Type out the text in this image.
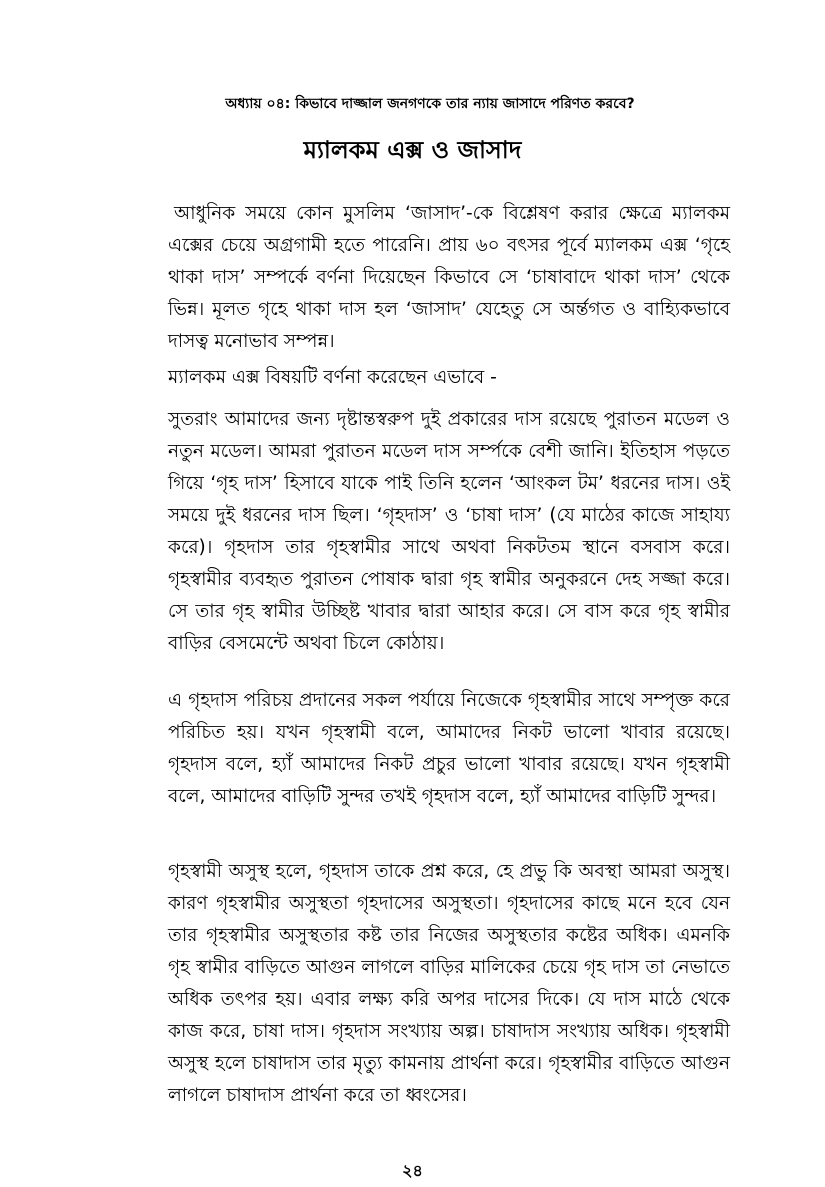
অধ্যায় ০৪: কিভাবে দাজ্জাল জনগণকে তার ন্যায় জাসাদে পরিণত করবে?
ম্যালকম এক্স ও জাসাদ

আধুনিক সময়ে কোন মুসলিম ‘জাসাদ’-কে বিশ্লেষণ করার ক্ষেত্রে ম্যালকম এক্সের চেয়ে অগ্রগামী হতে পারেনি। প্রায় ৬০ বৎসর পূর্বে ম্যালকম এক্স ‘গৃহে থাকা দাস’ সম্পর্কে বর্ণনা দিয়েছেন কিভাবে সে ‘চাষাবাদে থাকা দাস’ থেকে ভিন্ন। মূলত গৃহে থাকা দাস হল ‘জাসাদ’ যেহেতু সে অর্ন্তগত ও বাহ্যিকভাবে দাসত্ব মনোভাব সম্পন্ন।

ম্যালকম এক্স বিষয়টি বর্ণনা করেছেন এভাবে -

সুতরাং আমাদের জন্য দৃষ্টান্তস্বরুপ দুই প্রকারের দাস রয়েছে পুরাতন মডেল ও নতুন মডেল। আমরা পুরাতন মডেল দাস সর্ম্পকে বেশী জানি। ইতিহাস পড়তে গিয়ে ‘গৃহ দাস’ হিসাবে যাকে পাই তিনি হলেন ‘আংকল টম’ ধরনের দাস। ওই সময়ে দুই ধরনের দাস ছিল। ‘গৃহদাস’ ও ‘চাষা দাস’ (যে মাঠের কাজে সাহায্য করে)। গৃহদাস তার গৃহস্বামীর সাথে অথবা নিকটতম স্থানে বসবাস করে। গৃহস্বামীর ব্যবহৃত পুরাতন পোষাক দ্বারা গৃহ স্বামীর অনুকরনে দেহ সজ্জা করে। সে তার গৃহ স্বামীর উচ্ছিষ্ট খাবার দ্বারা আহার করে। সে বাস করে গৃহ স্বামীর বাড়ির বেসমেন্টে অথবা চিলে কোঠায়।

এ গৃহদাস পরিচয় প্রদানের সকল পর্যায়ে নিজেকে গৃহস্বামীর সাথে সম্পৃক্ত করে পরিচিত হয়। যখন গৃহস্বামী বলে, আমাদের নিকট ভালো খাবার রয়েছে। গৃহদাস বলে, হ্যাঁ আমাদের নিকট প্রচুর ভালো খাবার রয়েছে। যখন গৃহস্বামী বলে, আমাদের বাড়িটি সুন্দর তখই গৃহদাস বলে, হ্যাঁ আমাদের বাড়িটি সুন্দর।

গৃহস্বামী অসুস্থ হলে, গৃহদাস তাকে প্রশ্ন করে, হে প্রভু কি অবস্থা আমরা অসুস্থ। কারণ গৃহস্বামীর অসুস্থতা গৃহদাসের অসুস্থতা। গৃহদাসের কাছে মনে হবে যেন তার গৃহস্বামীর অসুস্থতার কষ্ট তার নিজের অসুস্থতার কষ্টের অধিক। এমনকি গৃহ স্বামীর বাড়িতে আগুন লাগলে বাড়ির মালিকের চেয়ে গৃহ দাস তা নেভাতে অধিক তৎপর হয়। এবার লক্ষ্য করি অপর দাসের দিকে। যে দাস মাঠে থেকে কাজ করে, চাষা দাস। গৃহদাস সংখ্যায় অল্প। চাষাদাস সংখ্যায় অধিক। গৃহস্বামী অসুস্থ হলে চাষাদাস তার মৃত্যু কামনায় প্রার্থনা করে। গৃহস্বামীর বাড়িতে আগুন লাগলে চাষাদাস প্রার্থনা করে তা ধ্বংসের।

২৪
